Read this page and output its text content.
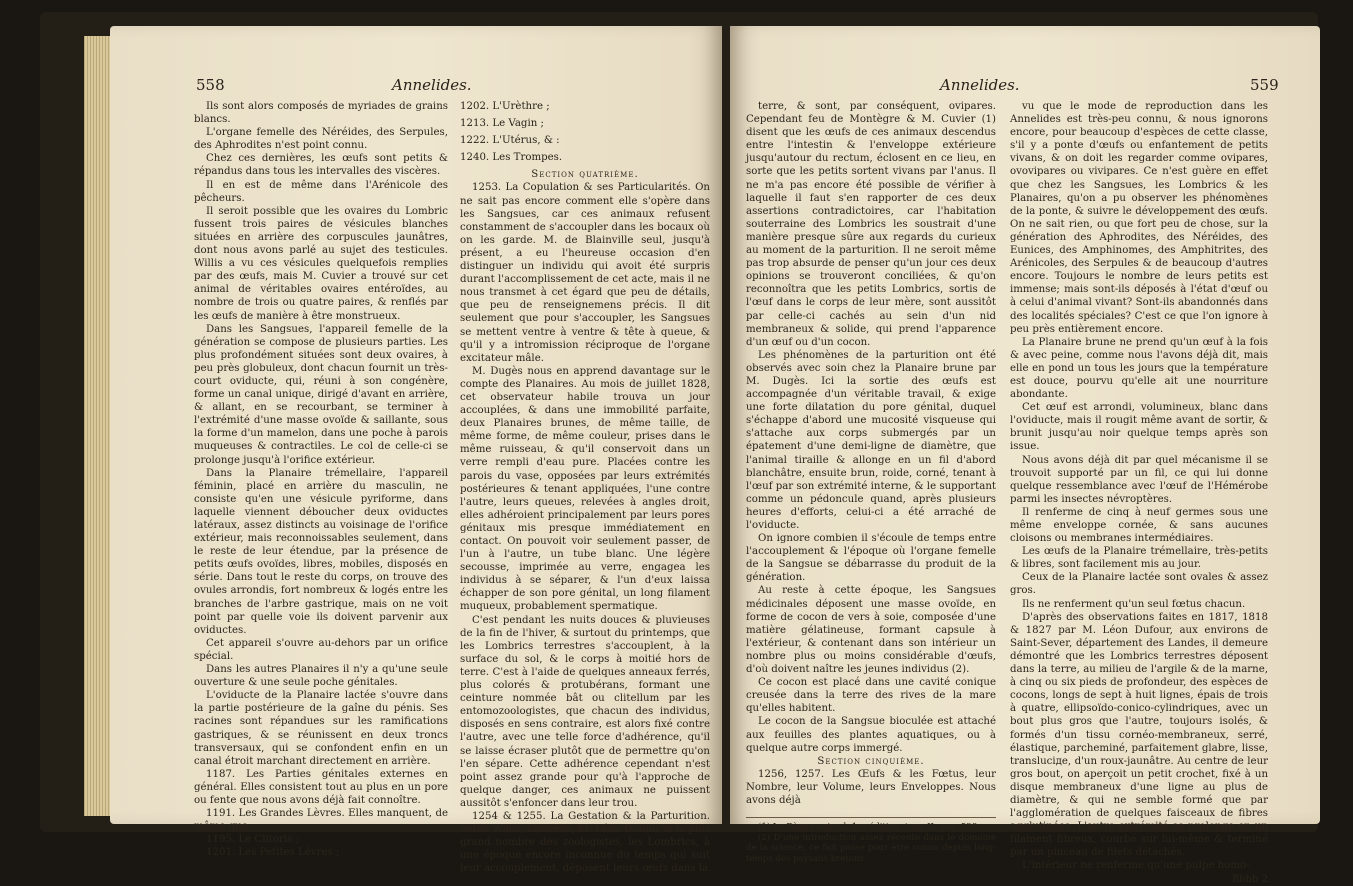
558	Annelides.

Ils sont alors composés de myriades de grains blancs.

L'organe femelle des Néréides, des Serpules, des Aphrodites n'est point connu.

Chez ces dernières, les œufs sont petits & répandus dans tous les intervalles des viscères.

Il en est de même dans l'Arénicole des pêcheurs.

Il seroit possible que les ovaires du Lombric fussent trois paires de vésicules blanches situées en arrière des corpuscules jaunâtres, dont nous avons parlé au sujet des testicules. Willis a vu ces vésicules quelquefois remplies par des œufs, mais M. Cuvier a trouvé sur cet animal de véritables ovaires entéroïdes, au nombre de trois ou quatre paires, & renflés par les œufs de manière à être monstrueux.

Dans les Sangsues, l'appareil femelle de la génération se compose de plusieurs parties. Les plus profondément situées sont deux ovaires, à peu près globuleux, dont chacun fournit un très-court oviducte, qui, réuni à son congénère, forme un canal unique, dirigé d'avant en arrière, & allant, en se recourbant, se terminer à l'extrémité d'une masse ovoïde & saillante, sous la forme d'un mamelon, dans une poche à parois muqueuses & contractiles. Le col de celle-ci se prolonge jusqu'à l'orifice extérieur.

Dans la Planaire trémellaire, l'appareil féminin, placé en arrière du masculin, ne consiste qu'en une vésicule pyriforme, dans laquelle viennent déboucher deux oviductes latéraux, assez distincts au voisinage de l'orifice extérieur, mais reconnoissables seulement, dans le reste de leur étendue, par la présence de petits œufs ovoïdes, libres, mobiles, disposés en série. Dans tout le reste du corps, on trouve des ovules arrondis, fort nombreux & logés entre les branches de l'arbre gastrique, mais on ne voit point par quelle voie ils doivent parvenir aux oviductes.

Cet appareil s'ouvre au-dehors par un orifice spécial.

Dans les autres Planaires il n'y a qu'une seule ouverture & une seule poche génitales.

L'oviducte de la Planaire lactée s'ouvre dans la partie postérieure de la gaîne du pénis. Ses racines sont répandues sur les ramifications gastriques, & se réunissent en deux troncs transversaux, qui se confondent enfin en un canal étroit marchant directement en arrière.

1187. Les Parties génitales externes en général. Elles consistent tout au plus en un pore ou fente que nous avons déjà fait connoître.

1191. Les Grandes Lèvres. Elles manquent, de même que :

1195. Le Clitoris ;

1201. Les Petites Lèvres ;

1202. L'Urèthre ;

1213. Le Vagin ;

1222. L'Utérus, & :

1240. Les Trompes.

Section quatrième.

1253. La Copulation & ses Particularités. On ne sait pas encore comment elle s'opère dans les Sangsues, car ces animaux refusent constamment de s'accoupler dans les bocaux où on les garde. M. de Blainville seul, jusqu'à présent, a eu l'heureuse occasion d'en distinguer un individu qui avoit été surpris durant l'accomplissement de cet acte, mais il ne nous transmet à cet égard que peu de détails, que peu de renseignemens précis. Il dit seulement que pour s'accoupler, les Sangsues se mettent ventre à ventre & tête à queue, & qu'il y a intromission réciproque de l'organe excitateur mâle.

M. Dugès nous en apprend davantage sur le compte des Planaires. Au mois de juillet 1828, cet observateur habile trouva un jour accouplées, & dans une immobilité parfaite, deux Planaires brunes, de même taille, de même forme, de même couleur, prises dans le même ruisseau, & qu'il conservoit dans un verre rempli d'eau pure. Placées contre les parois du vase, opposées par leurs extrémités postérieures & tenant appliquées, l'une contre l'autre, leurs queues, relevées à angles droit, elles adhéroient principalement par leurs pores génitaux mis presque immédiatement en contact. On pouvoit voir seulement passer, de l'un à l'autre, un tube blanc. Une légère secousse, imprimée au verre, engagea les individus à se séparer, & l'un d'eux laissa échapper de son pore génital, un long filament muqueux, probablement spermatique.

C'est pendant les nuits douces & pluvieuses de la fin de l'hiver, & surtout du printemps, que les Lombrics terrestres s'accouplent, à la surface du sol, & le corps à moitié hors de terre. C'est à l'aide de quelques anneaux ferrés, plus colorés & protubérans, formant une ceinture nommée bât ou clitellum par les entomozoologistes, que chacun des individus, disposés en sens contraire, est alors fixé contre l'autre, avec une telle force d'adhérence, qu'il se laisse écraser plutôt que de permettre qu'on l'en sépare. Cette adhérence cependant n'est point assez grande pour qu'à l'approche de quelque danger, ces animaux ne puissent aussitôt s'enfoncer dans leur trou.

1254 & 1255. La Gestation & la Parturition. Selon Willis, Linnæus, M. Léon Dufour & le plus grand nombre des zoologistes, les Lombrics, à une époque encore inconnue du temps qui suit leur accouplement, déposent leurs œufs dans la

Annelides.	559

terre, & sont, par conséquent, ovipares. Cependant feu de Montègre & M. Cuvier (1) disent que les œufs de ces animaux descendus entre l'intestin & l'enveloppe extérieure jusqu'autour du rectum, éclosent en ce lieu, en sorte que les petits sortent vivans par l'anus. Il ne m'a pas encore été possible de vérifier à laquelle il faut s'en rapporter de ces deux assertions contradictoires, car l'habitation souterraine des Lombrics les soustrait d'une manière presque sûre aux regards du curieux au moment de la parturition. Il ne seroit même pas trop absurde de penser qu'un jour ces deux opinions se trouveront conciliées, & qu'on reconnoîtra que les petits Lombrics, sortis de l'œuf dans le corps de leur mère, sont aussitôt par celle-ci cachés au sein d'un nid membraneux & solide, qui prend l'apparence d'un œuf ou d'un cocon.

Les phénomènes de la parturition ont été observés avec soin chez la Planaire brune par M. Dugès. Ici la sortie des œufs est accompagnée d'un véritable travail, & exige une forte dilatation du pore génital, duquel s'échappe d'abord une mucosité visqueuse qui s'attache aux corps submergés par un épatement d'une demi-ligne de diamètre, que l'animal tiraille & allonge en un fil d'abord blanchâtre, ensuite brun, roide, corné, tenant à l'œuf par son extrémité interne, & le supportant comme un pédoncule quand, après plusieurs heures d'efforts, celui-ci a été arraché de l'oviducte.

On ignore combien il s'écoule de temps entre l'accouplement & l'époque où l'organe femelle de la Sangsue se débarrasse du produit de la génération.

Au reste à cette époque, les Sangsues médicinales déposent une masse ovoïde, en forme de cocon de vers à soie, composée d'une matière gélatineuse, formant capsule à l'extérieur, & contenant dans son intérieur un nombre plus ou moins considérable d'œufs, d'où doivent naître les jeunes individus (2).

Ce cocon est placé dans une cavité conique creusée dans la terre des rives de la mare qu'elles habitent.

Le cocon de la Sangsue bioculée est attaché aux feuilles des plantes aquatiques, ou à quelque autre corps immergé.

Section cinquième.

1256, 1257. Les Œufs & les Fœtus, leur Nombre, leur Volume, leurs Enveloppes. Nous avons déjà

(1) Le Règne animal, 1re édition, tom. II, pag. 528.

(2) D'une introduction assez récente dans le domaine de la science, ce fait passe pour être connu depuis long-temps des paysans bretons.

vu que le mode de reproduction dans les Annelides est très-peu connu, & nous ignorons encore, pour beaucoup d'espèces de cette classe, s'il y a ponte d'œufs ou enfantement de petits vivans, & on doit les regarder comme ovipares, ovovipares ou vivipares. Ce n'est guère en effet que chez les Sangsues, les Lombrics & les Planaires, qu'on a pu observer les phénomènes de la ponte, & suivre le développement des œufs. On ne sait rien, ou que fort peu de chose, sur la génération des Aphrodites, des Néréides, des Eunices, des Amphinomes, des Amphitrites, des Arénicoles, des Serpules & de beaucoup d'autres encore. Toujours le nombre de leurs petits est immense; mais sont-ils déposés à l'état d'œuf ou à celui d'animal vivant? Sont-ils abandonnés dans des localités spéciales? C'est ce que l'on ignore à peu près entièrement encore.

La Planaire brune ne prend qu'un œuf à la fois & avec peine, comme nous l'avons déjà dit, mais elle en pond un tous les jours que la température est douce, pourvu qu'elle ait une nourriture abondante.

Cet œuf est arrondi, volumineux, blanc dans l'oviducte, mais il rougit même avant de sortir, & brunit jusqu'au noir quelque temps après son issue.

Nous avons déjà dit par quel mécanisme il se trouvoit supporté par un fil, ce qui lui donne quelque ressemblance avec l'œuf de l'Hémérobe parmi les insectes névroptères.

Il renferme de cinq à neuf germes sous une même enveloppe cornée, & sans aucunes cloisons ou membranes intermédiaires.

Les œufs de la Planaire trémellaire, très-petits & libres, sont facilement mis au jour.

Ceux de la Planaire lactée sont ovales & assez gros.

Ils ne renferment qu'un seul fœtus chacun.

D'après des observations faites en 1817, 1818 & 1827 par M. Léon Dufour, aux environs de Saint-Sever, département des Landes, il demeure démontré que les Lombrics terrestres déposent dans la terre, au milieu de l'argile & de la marne, à cinq ou six pieds de profondeur, des espèces de cocons, longs de sept à huit lignes, épais de trois à quatre, ellipsoïdo-conico-cylindriques, avec un bout plus gros que l'autre, toujours isolés, & formés d'un tissu cornéo-membraneux, serré, élastique, parcheminé, parfaitement glabre, lisse, transluciде, d'un roux-jaunâtre. Au centre de leur gros bout, on aperçoit un petit crochet, fixé à un disque membraneux d'une ligne au plus de diamètre, & qui ne semble formé que par l'agglomération de quelques faisceaux de fibres agglutinées. L'autre extrémité se prolonge en un filament fibreux, courbé sur lui-même & terminé par un pinceau de filets détachés.

L'intérieur ne renferme qu'une pulpe homo-

Bbbb 2
